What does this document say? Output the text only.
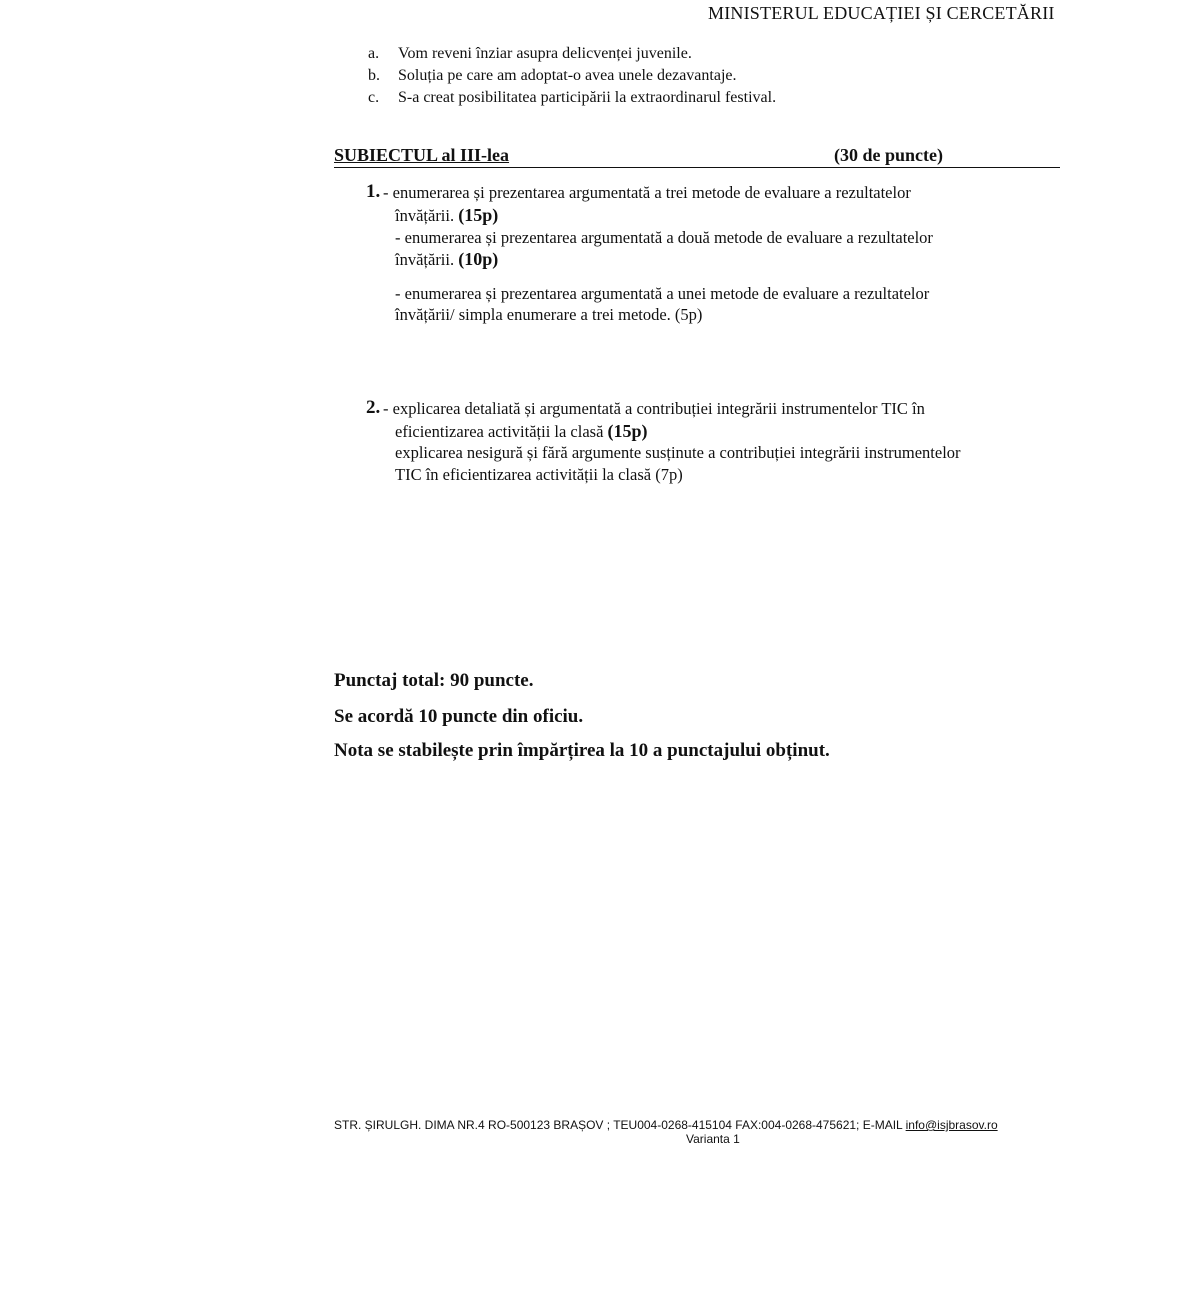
MINISTERUL EDUCAȚIEI ȘI CERCETĂRII
a. Vom reveni înziar asupra delicvenței juvenile.
b. Soluția pe care am adoptat-o avea unele dezavantaje.
c. S-a creat posibilitatea participării la extraordinarul festival.
SUBIECTUL al III-lea	(30 de puncte)
1. - enumerarea și prezentarea argumentată a trei metode de evaluare a rezultatelor
învățării. (15p)
- enumerarea și prezentarea argumentată a două metode de evaluare a rezultatelor
învățării. (10p)
- enumerarea și prezentarea argumentată a unei metode de evaluare a rezultatelor
învățării/ simpla enumerare a trei metode. (5p)
2. - explicarea detaliată și argumentată a contribuției integrării instrumentelor TIC în
eficientizarea activității la clasă (15p)
explicarea nesigură și fără argumente susținute a contribuției integrării instrumentelor
TIC în eficientizarea activității la clasă (7p)
Punctaj total: 90 puncte.
Se acordă 10 puncte din oficiu.
Nota se stabilește prin împărțirea la 10 a punctajului obținut.
STR. ȘIRULGH. DIMA NR.4 RO-500123 BRAȘOV ; TEU004-0268-415104 FAX:004-0268-475621; E-MAIL info@isjbrasov.ro
Varianta 1
